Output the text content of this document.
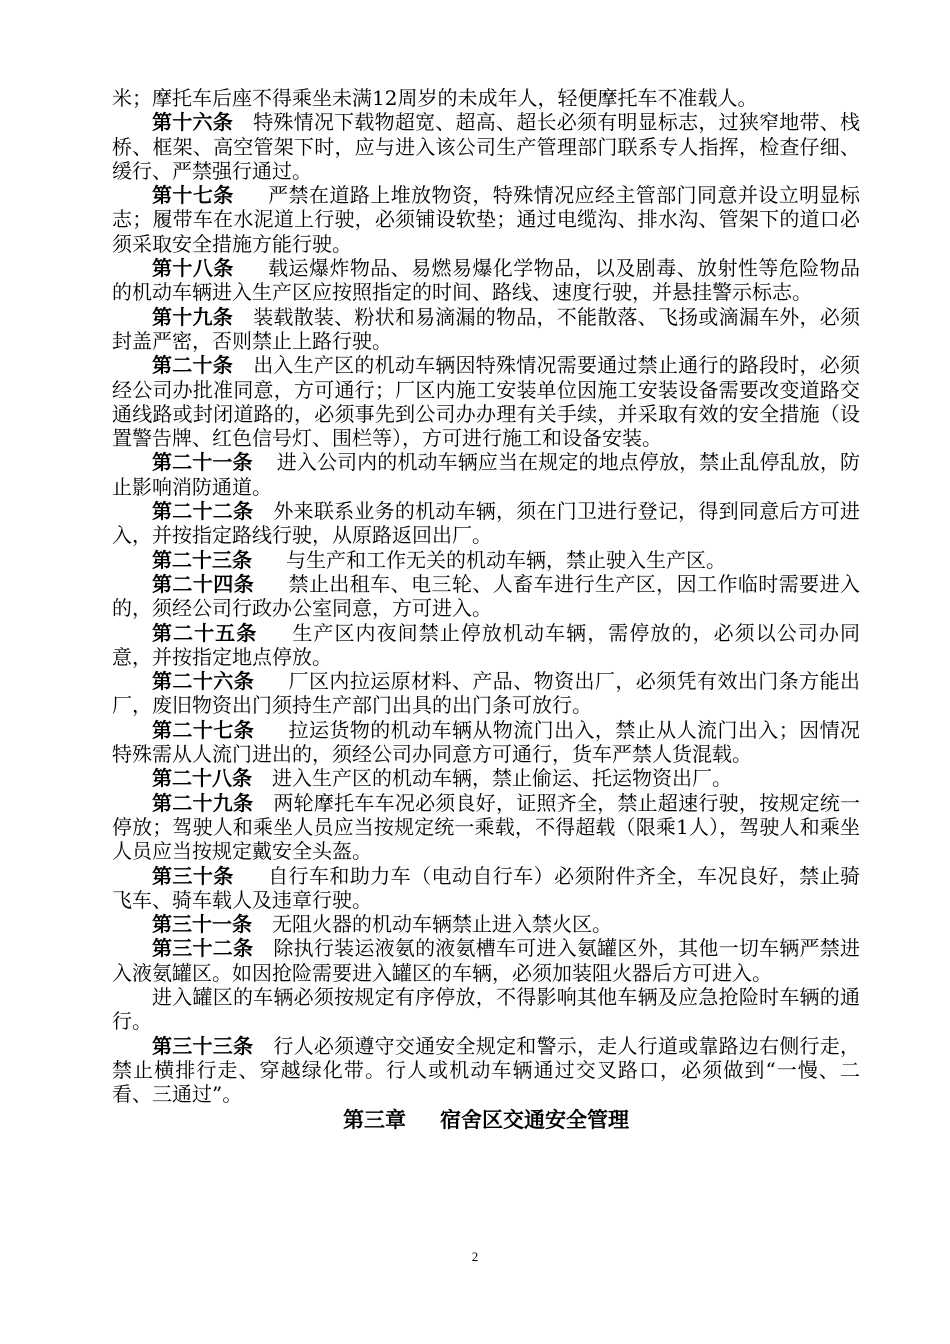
米；摩托车后座不得乘坐未满12周岁的未成年人，轻便摩托车不准载人。

第十六条 特殊情况下载物超宽、超高、超长必须有明显标志，过狭窄地带、栈桥、框架、高空管架下时，应与进入该公司生产管理部门联系专人指挥，检查仔细、缓行、严禁强行通过。

第十七条 严禁在道路上堆放物资，特殊情况应经主管部门同意并设立明显标志；履带车在水泥道上行驶，必须铺设软垫；通过电缆沟、排水沟、管架下的道口必须采取安全措施方能行驶。

第十八条 载运爆炸物品、易燃易爆化学物品，以及剧毒、放射性等危险物品的机动车辆进入生产区应按照指定的时间、路线、速度行驶，并悬挂警示标志。

第十九条 装载散装、粉状和易滴漏的物品，不能散落、飞扬或滴漏车外，必须封盖严密，否则禁止上路行驶。

第二十条 出入生产区的机动车辆因特殊情况需要通过禁止通行的路段时，必须经公司办批准同意，方可通行；厂区内施工安装单位因施工安装设备需要改变道路交通线路或封闭道路的，必须事先到公司办办理有关手续，并采取有效的安全措施（设置警告牌、红色信号灯、围栏等），方可进行施工和设备安装。

第二十一条 进入公司内的机动车辆应当在规定的地点停放，禁止乱停乱放，防止影响消防通道。

第二十二条 外来联系业务的机动车辆，须在门卫进行登记，得到同意后方可进入，并按指定路线行驶，从原路返回出厂。

第二十三条 与生产和工作无关的机动车辆，禁止驶入生产区。

第二十四条 禁止出租车、电三轮、人畜车进行生产区，因工作临时需要进入的，须经公司行政办公室同意，方可进入。

第二十五条 生产区内夜间禁止停放机动车辆，需停放的，必须以公司办同意，并按指定地点停放。

第二十六条 厂区内拉运原材料、产品、物资出厂，必须凭有效出门条方能出厂，废旧物资出门须持生产部门出具的出门条可放行。

第二十七条 拉运货物的机动车辆从物流门出入，禁止从人流门出入；因情况特殊需从人流门进出的，须经公司办同意方可通行，货车严禁人货混载。

第二十八条 进入生产区的机动车辆，禁止偷运、托运物资出厂。

第二十九条 两轮摩托车车况必须良好，证照齐全，禁止超速行驶，按规定统一停放；驾驶人和乘坐人员应当按规定统一乘载，不得超载（限乘1人），驾驶人和乘坐人员应当按规定戴安全头盔。

第三十条 自行车和助力车（电动自行车）必须附件齐全，车况良好，禁止骑飞车、骑车载人及违章行驶。

第三十一条 无阻火器的机动车辆禁止进入禁火区。

第三十二条 除执行装运液氨的液氨槽车可进入氨罐区外，其他一切车辆严禁进入液氨罐区。如因抢险需要进入罐区的车辆，必须加装阻火器后方可进入。

进入罐区的车辆必须按规定有序停放，不得影响其他车辆及应急抢险时车辆的通行。

第三十三条 行人必须遵守交通安全规定和警示，走人行道或靠路边右侧行走，禁止横排行走、穿越绿化带。行人或机动车辆通过交叉路口，必须做到“一慢、二看、三通过”。

第三章 宿舍区交通安全管理

2
